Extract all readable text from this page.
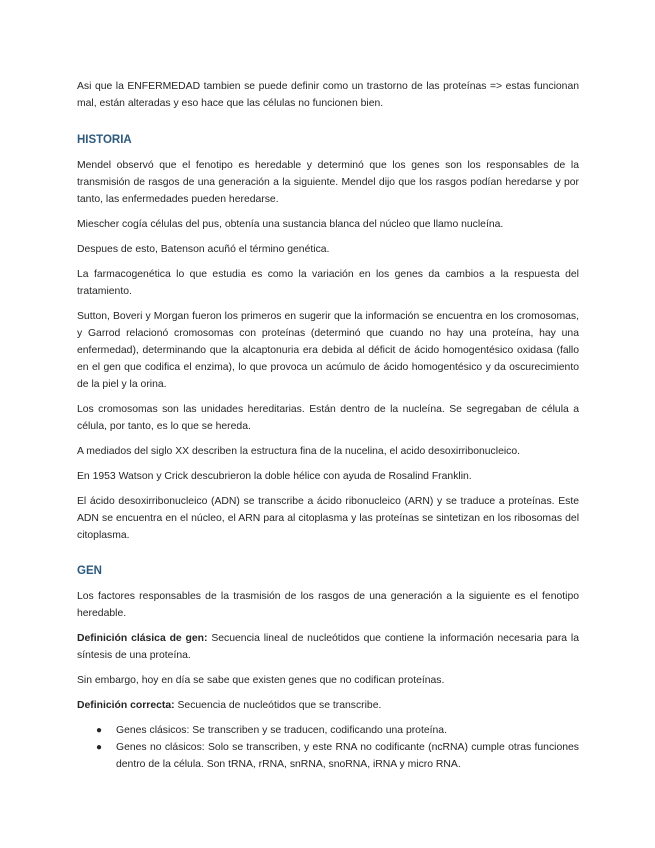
Asi que la ENFERMEDAD tambien se puede definir como un trastorno de las proteínas => estas funcionan mal, están alteradas y eso hace que las células no funcionen bien.

HISTORIA

Mendel observó que el fenotipo es heredable y determinó que los genes son los responsables de la transmisión de rasgos de una generación a la siguiente. Mendel dijo que los rasgos podían heredarse y por tanto, las enfermedades pueden heredarse.

Miescher cogía células del pus, obtenía una sustancia blanca del núcleo que llamo nucleína.

Despues de esto, Batenson acuñó el término genética.

La farmacogenética lo que estudia es como la variación en los genes da cambios a la respuesta del tratamiento.

Sutton, Boveri y Morgan fueron los primeros en sugerir que la información se encuentra en los cromosomas, y Garrod relacionó cromosomas con proteínas (determinó que cuando no hay una proteína, hay una enfermedad), determinando que la alcaptonuria era debida al déficit de ácido homogentésico oxidasa (fallo en el gen que codifica el enzima), lo que provoca un acúmulo de ácido homogentésico y da oscurecimiento de la piel y la orina.

Los cromosomas son las unidades hereditarias. Están dentro de la nucleína. Se segregaban de célula a célula, por tanto, es lo que se hereda.

A mediados del siglo XX describen la estructura fina de la nucelina, el acido desoxirribonucleico.

En 1953 Watson y Crick descubrieron la doble hélice con ayuda de Rosalind Franklin.

El ácido desoxirribonucleico (ADN) se transcribe a ácido ribonucleico (ARN) y se traduce a proteínas. Este ADN se encuentra en el núcleo, el ARN para al citoplasma y las proteínas se sintetizan en los ribosomas del citoplasma.

GEN

Los factores responsables de la trasmisión de los rasgos de una generación a la siguiente es el fenotipo heredable.

Definición clásica de gen: Secuencia lineal de nucleótidos que contiene la información necesaria para la síntesis de una proteína.

Sin embargo, hoy en día se sabe que existen genes que no codifican proteínas.

Definición correcta: Secuencia de nucleótidos que se transcribe.

● Genes clásicos: Se transcriben y se traducen, codificando una proteína.
● Genes no clásicos: Solo se transcriben, y este RNA no codificante (ncRNA) cumple otras funciones dentro de la célula. Son tRNA, rRNA, snRNA, snoRNA, iRNA y micro RNA.
